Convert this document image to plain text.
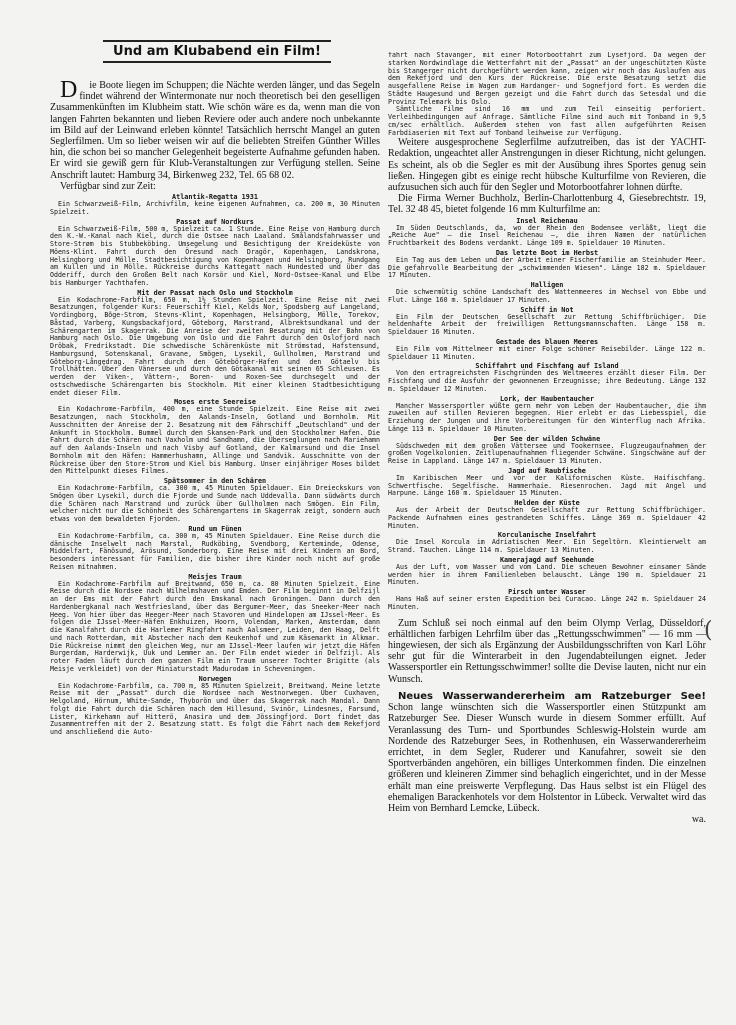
Und am Klubabend ein Film!

D ie Boote liegen im Schuppen; die Nächte werden länger, und das Segeln findet während der Wintermonate nur noch theoretisch bei den geselligen Zusammenkünften im Klubheim statt. Wie schön wäre es da, wenn man die von langen Fahrten bekannten und lieben Reviere oder auch andere noch unbekannte im Bild auf der Leinwand erleben könnte! Tatsächlich herrscht Mangel an guten Seglerfilmen. Um so lieber weisen wir auf die beliebten Streifen Günther Willes hin, die schon bei so mancher Gelegenheit begeisterte Aufnahme gefunden haben. Er wird sie gewiß gern für Klub-Veranstaltungen zur Verfügung stellen. Seine Anschrift lautet: Hamburg 34, Birkenweg 232, Tel. 65 68 02.

Verfügbar sind zur Zeit:

Atlantik-Regatta 1931

Ein Schwarzweiß-Film, Archivfilm, keine eigenen Aufnahmen, ca. 200 m, 30 Minuten Spielzeit.

Passat auf Nordkurs

Ein Schwarzweiß-Film, 500 m, Spielzeit ca. 1 Stunde. Eine Reise von Hamburg durch den K.-W.-Kanal nach Kiel, durch die Ostsee nach Laaland. Smålandsfahrwasser und Store-Strøm bis Stubbeköbing. Umsegelung und Besichtigung der Kreideküste von Möens-Klint. Fahrt durch den Öresund nach Dragör, Kopenhagen, Landskrona, Helsingborg und Mölle. Stadtbesichtigung von Kopenhagen und Helsingborg, Rundgang am Kullen und in Mölle. Rückreise durchs Kattegatt nach Hundested und über das Odderiff, durch den Großen Belt nach Korsör und Kiel, Nord-Ostsee-Kanal und Elbe bis Hamburger Yachthafen.

Mit der Passat nach Oslo und Stockholm

Ein Kodachrome-Farbfilm, 650 m, 1½ Stunden Spielzeit. Eine Reise mit zwei Besatzungen, folgender Kurs: Feuerschiff Kiel, Kelds Nor, Spodsberg auf Langeland, Vordingborg, Bõge-Strom, Stevns-Klint, Kopenhagen, Helsingborg, Mölle, Torekov, Båstad, Varberg, Kungsbackafjord, Göteborg, Marstrand, Albrektsundkanal und der Schärengarten im Skagerrak. Die Anreise der zweiten Besatzung mit der Bahn von Hamburg nach Oslo. Die Umgebung von Oslo und die Fahrt durch den Oslofjord nach Dröbak, Fredrikstadt. Die schwedische Schärenküste mit Strömstad, Hafstensund, Hamburgsund, Sotenskanal, Gravane, Smögen, Lysekil, Gullholmen, Marstrand und Göteborg-Långedrag. Fahrt durch den Götebörger-Hafen und den Götaelv bis Trollhätten. Über den Vänersee und durch den Götakanal mit seinen 65 Schleusen. Es werden der Viken-, Vättern-, Boren- und Roxen-See durchsegelt und der ostschwedische Schärengarten bis Stockholm. Mit einer kleinen Stadtbesichtigung endet dieser Film.

Moses erste Seereise

Ein Kodachrome-Farbfilm, 400 m, eine Stunde Spielzeit. Eine Reise mit zwei Besatzungen, nach Stockholm, den Aalands-Inseln, Gotland und Bornholm. Mit Ausschnitten der Anreise der 2. Besatzung mit dem Fährschiff „Deutschland" und der Ankunft in Stockholm. Bummel durch den Skansen-Park und den Stockholmer Hafen. Die Fahrt durch die Schären nach Vaxholm und Sandhamn, die Überseglungen nach Mariehamn auf den Aalands-Inseln und nach Visby auf Gotland, der Kalmarsund und die Insel Bornholm mit den Häfen: Hammerhushamn, Allinge und Sandvik. Ausschnitte von der Rückreise über den Store-Strom und Kiel bis Hamburg. Unser einjähriger Moses bildet den Mittelpunkt dieses Filmes.

Spätsommer in den Schären

Ein Kodachrome-Farbfilm, ca. 300 m, 45 Minuten Spieldauer. Ein Dreieckskurs von Smögen über Lysekil, durch die Fjorde und Sunde nach Uddevalla. Dann südwärts durch die Schären nach Marstrand und zurück über Gullholmen nach Smögen. Ein Film, welcher nicht nur die Schönheit des Schärengartens im Skagerrak zeigt, sondern auch etwas von dem bewaldeten Fjorden.

Rund um Fünen

Ein Kodachrome-Farbfilm, ca. 300 m, 45 Minuten Spieldauer. Eine Reise durch die dänische Inselwelt nach Marstal, Rudköbing, Svendborg, Kerteminde, Odense, Middelfart, Fänösund, Arösund, Sonderborg. Eine Reise mit drei Kindern an Bord, besonders interessant für Familien, die bisher ihre Kinder noch nicht auf große Reisen mitnahmen.

Meisjes Traum

Ein Kodachrome-Farbfilm auf Breitwand, 650 m, ca. 80 Minuten Spielzeit. Eine Reise durch die Nordsee nach Wilhelmshaven und Emden. Der Film beginnt in Delfzijl an der Ems mit der Fahrt durch den Emskanal nach Groningen. Dann durch den Hardenbergkanal nach Westfriesland, über das Bergumer-Meer, das Sneeker-Meer nach Heeg. Von hier über das Heeger-Meer nach Stavoren und Hindelopen am IJssel-Meer. Es folgen die IJssel-Meer-Häfen Enkhuizen, Hoorn, Volendam, Marken, Amsterdam, dann die Kanalfahrt durch die Harlemer Ringfahrt nach Aalsmeer, Leiden, den Haag, Delft und nach Rotterdam, mit Abstecher nach dem Keukenhof und zum Käsemarkt in Alkmar. Die Rückreise nimmt den gleichen Weg, nur am IJssel-Meer laufen wir jetzt die Häfen Burgerdam, Harderwijk, Uuk und Lemmer an. Der Film endet wieder in Delfzijl. Als roter Faden läuft durch den ganzen Film ein Traum unserer Tochter Brigitte (als Meisje verkleidet) von der Miniaturstadt Madurodam in Scheveningen.

Norwegen

Ein Kodachrome-Farbfilm, ca. 700 m, 85 Minuten Spielzeit, Breitwand. Meine letzte Reise mit der „Passat" durch die Nordsee nach Westnorwegen. Über Cuxhaven, Helgoland, Hörnum, White-Sande, Thyborön und über das Skagerrak nach Mandal. Dann folgt die Fahrt durch die Schären nach dem Hillesund, Svinör, Lindesnes, Farsund, Lister, Kirkehamn auf Hitterö, Anasira und dem Jössingfjord. Dort findet das Zusammentreffen mit der 2. Besatzung statt. Es folgt die Fahrt nach dem Rekefjord und anschließend die Auto-

fahrt nach Stavanger, mit einer Motorbootfahrt zum Lysefjord. Da wegen der starken Nordwindlage die Wetterfahrt mit der „Passat" an der ungeschützten Küste bis Stangerger nicht durchgeführt werden kann, zeigen wir noch das Auslaufen aus dem Rekefjord und den Kurs der Rückreise. Die erste Besatzung setzt die ausgefallene Reise im Wagen zum Hardanger- und Sognefjord fort. Es werden die Städte Haugesund und Bergen gezeigt und die Fahrt durch das Setesdal und die Provinz Telemark bis Oslo.

Sämtliche Filme sind 16 mm und zum Teil einseitig perforiert. Verleihbedingungen auf Anfrage. Sämtliche Filme sind auch mit Tonband in 9,5 cm/sec erhältlich. Außerdem stehen von fast allen aufgeführten Reisen Farbdiaserien mit Text auf Tonband leihweise zur Verfügung.

Weitere ausgesprochene Seglerfilme aufzutreiben, das ist der YACHT-Redaktion, ungeachtet aller Anstrengungen in dieser Richtung, nicht gelungen. Es scheint, als ob die Segler es mit der Ausübung ihres Sportes genug sein ließen. Hingegen gibt es einige recht hübsche Kulturfilme von Revieren, die aufzusuchen sich auch für den Segler und Motorbootfahrer lohnen dürfte.

Die Firma Werner Buchholz, Berlin-Charlottenburg 4, Giesebrechtstr. 19, Tel. 32 48 45, bietet folgende 16 mm Kulturfilme an:

Insel Reichenau

Im Süden Deutschlands, da, wo der Rhein den Bodensee verläßt, liegt die „Reiche Aue" — die Insel Reichenau —, die ihren Namen der natürlichen Fruchtbarkeit des Bodens verdankt. Länge 109 m. Spieldauer 10 Minuten.

Das letzte Boot im Herbst

Ein Tag aus dem Leben und der Arbeit einer Fischerfamilie am Steinhuder Meer. Die gefahrvolle Bearbeitung der „schwimmenden Wiesen". Länge 182 m. Spieldauer 17 Minuten.

Halligen

Die schwermütig schöne Landschaft des Wattenmeeres im Wechsel von Ebbe und Flut. Länge 160 m. Spieldauer 17 Minuten.

Schiff in Not

Ein Film der Deutschen Gesellschaft zur Rettung Schiffbrüchiger. Die heldenhafte Arbeit der freiwilligen Rettungsmannschaften. Länge 158 m. Spieldauer 16 Minuten.

Gestade des blauen Meeres

Ein Film vom Mittelmeer mit einer Folge schöner Reisebilder. Länge 122 m. Spieldauer 11 Minuten.

Schiffahrt und Fischfang auf Island

Von den ertragreichsten Fischgründen des Weltmeeres erzählt dieser Film. Der Fischfang und die Ausfuhr der gewonnenen Erzeugnisse; ihre Bedeutung. Länge 132 m. Spieldauer 12 Minuten.

Lork, der Haubentaucher

Mancher Wassersportler wüßte gern mehr vom Leben der Haubentaucher, die ihm zuweilen auf stillen Revieren begegnen. Hier erlebt er das Liebesspiel, die Erziehung der Jungen und ihre Vorbereitungen für den Winterflug nach Afrika. Länge 113 m. Spieldauer 10 Minuten.

Der See der wilden Schwäne

Südschweden mit dem großen Vättersee und Tookernsee. Flugzeugaufnahmen der großen Vogelkolonien. Zeitlupenaufnahmen fliegender Schwäne. Singschwäne auf der Reise in Lappland. Länge 147 m. Spieldauer 13 Minuten.

Jagd auf Raubfische

Im Karibischen Meer und vor der Kalifornischen Küste. Haifischfang. Schwertfische. Segelfische. Hammerhaie. Riesenrochen. Jagd mit Angel und Harpune. Länge 160 m. Spieldauer 15 Minuten.

Helden der Küste

Aus der Arbeit der Deutschen Gesellschaft zur Rettung Schiffbrüchiger. Packende Aufnahmen eines gestrandeten Schiffes. Länge 369 m. Spieldauer 42 Minuten.

Korculanische Inselfahrt

Die Insel Korcula im Adriatischen Meer. Ein Segeltörn. Kleintierwelt am Strand. Tauchen. Länge 114 m. Spieldauer 13 Minuten.

Kamerajagd auf Seehunde

Aus der Luft, vom Wasser und vom Land. Die scheuen Bewohner einsamer Sände werden hier in ihrem Familienleben belauscht. Länge 190 m. Spieldauer 21 Minuten.

Pirsch unter Wasser

Hans Haß auf seiner ersten Expedition bei Curacao. Länge 242 m. Spieldauer 24 Minuten.

Zum Schluß sei noch einmal auf den beim Olymp Verlag, Düsseldorf, erhältlichen farbigen Lehrfilm über das „Rettungsschwimmen" — 16 mm — hingewiesen, der sich als Ergänzung der Ausbildungsschriften von Karl Löhr sehr gut für die Winterarbeit in den Jugendabteilungen eignet. Jeder Wassersportler ein Rettungsschwimmer! sollte die Devise lauten, nicht nur ein Wunsch.

Neues Wasserwandererheim am Ratzeburger See! Schon lange wünschten sich die Wassersportler einen Stützpunkt am Ratzeburger See. Dieser Wunsch wurde in diesem Sommer erfüllt. Auf Veranlassung des Turn- und Sportbundes Schleswig-Holstein wurde am Nordende des Ratzeburger Sees, in Rothenhusen, ein Wasserwandererheim errichtet, in dem Segler, Ruderer und Kanufahrer, soweit sie den Sportverbänden angehören, ein billiges Unterkommen finden. Die einzelnen größeren und kleineren Zimmer sind behaglich eingerichtet, und in der Messe erhält man eine preiswerte Verpflegung. Das Haus selbst ist ein Flügel des ehemaligen Barackenhotels vor dem Holstentor in Lübeck. Verwaltet wird das Heim von Bernhard Lemcke, Lübeck.

wa.

(
